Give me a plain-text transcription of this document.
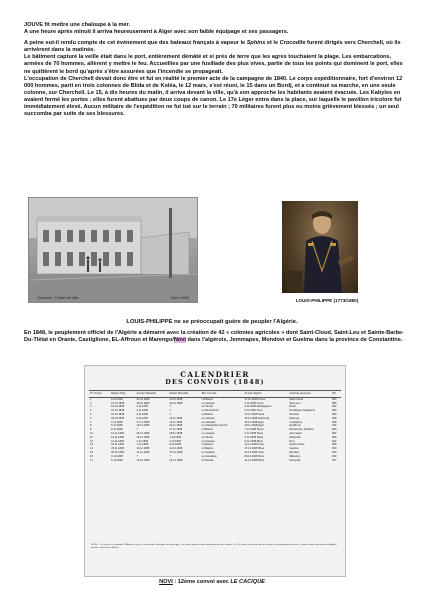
JOUVE fit mettre une chaloupe à la mer.
A une heure après minuit il arriva heureusement à Alger avec son faible équipage et ses passagers.
A peine eut-il rendu compte de cet événement que des bateaux français à vapeur le Sphinx et le Crocodile furent dirigés vers Cherchell, où ils arrivèrent dans la matinée.
Le bâtiment capturé la veille était dans le port, entièrement démâté et si près de terre que les agres touchaient la plage. Les embarcations, armées de 70 hommes, allèrent y mettre le feu. Accueillies par une fusillade des plus vives, partie de tous les points qui dominent le port, elles ne quittèrent le bord qu'après s'être assurées que l'incendie se propageait.
L'occupation de Cherchell devait donc être et fut en réalité le premier acte de la campagne de 1840. Le corps expéditionnaire, fort d'environ 12 000 hommes, parti en trois colonnes de Blida et de Koléa, le 12 mars, s'est réuni, le 15 dans un Bordj, et a continué sa marche, en une seule colonne, sur Cherchell. Le 15, à dix heures du matin, il arriva devant la ville, qu'à son approche les habitants avaient évacuée. Les Kabyles en avaient fermé les portes ; elles furent abattues par deux coups de canon. Le 17e Léger entra dans la place, sur laquelle le pavillon tricolore fut immédiatement élevé. Aucun militaire de l'expédition ne fut tué sur le terrain ; 70 militaires furent plus ou moins grièvement blessés ; un seul succomba par suite de ses blessures.
Cherchell - L'Hôtel de Ville -	(Vers 1900)	LOUIS-PHILIPPE (1773/1850)
LOUIS-PHILIPPE ne se préoccupait guère de peupler l'Algérie.
En 1848, le peuplement officiel de l'Algérie a démarré avec la création de 42 « colonies agricoles » dont Saint-Cloud, Saint-Leu et Sainte-Barbe-Du-Tlélat en Oranie, Castiglione, EL-Affroun et Marengo/Novi dans l'algérois, Jemmapes, Mondovi et Guelma dans la province de Constantine.
CALENDRIER
DES CONVOIS (1848)
N° Convoi	Départ Paris	Arrivée Marseille	Départ Marseille	Bat. Convoie	Arrivée Algérie	Colonies pourvues	Eff.
1	8.10.1848	21.10.1848	22.10.1848	L'Albatros	27.10.1848 Arzew	Saint-Cloud	853
2	15.10.1848	28.10.1848	30.10.1848	Le Cacique	2.11.1848 Arzew	Saint-Leu	855
3	19.10.1848	2.11.1848	?	Le Pluvier	3.11.1848 Mostaganem	Rivoli	822
4	22.10.1848	4.11.1848	?	Le Montezuma	9.11.1848 Oran	St-Affrique Castiglione	830
5	26.10.1848	9.11.1848	?	L'Albatros	13.11.1848 Stora	Mondovi	826
6	29.10.1848	9.11.1848	13.11.1848	Le Cacique	16.11.1848 Sidi-Fredj	Marengo	838
7	2.11.1848	17.11.1848	21.11.1848	Le Labrador	26.11.1848 Alger	Castiglione	868
8	5.11.1848	19.11.1848	24.11.1848	Le Christophe Colomb	28.11.1848 Alger	El-Affroun	816
9	9.11.1848	?	27.11.1848	L'Albatros	1.12.1848 Tenes	Montenotte, Ponteba	820
10	12.11.1848	26.11.1848	28.11.1848	Le Cacique	3.12.1848 Stora	Jemmapes	822
11	16.11.1848	29.11.1848	1.12.1848	Le Pluvier	5.12.1848 Stora	Héliopolis	806
12	19.11.1848	3.12.1848	4.12.1848	Le Cacique	8.12.1848 Bône	Novi	822
13	23.11.1848	7.12.1848	8.12.1848	L'Albatros	12.12.1848 Oran	Zurich Arzew	825
14	26.11.1848	10.12.1848	12.12.1848	L'Albatros	17.12.1848 Bône	Guelma	820
15	30.11.1848	14.12.1848	17.12.1848	Le Cacique	20.12.1848 Oran	Mondovi	815
16	3.12.1848	?	?	Le Caméléon	28.12.1848 Bône	Millesimo	839
17	6.12.1848	19.12.1848	24.12.1848	L'Infernale	31.12.1848 Bône	Heliopolis	567
NOTA. — Le convoi Le Labrador, L'Albatros n'a pas, à son arrivée, débarqué ses passagers ; ils furent conduits à leur destination par des voitures. Le 17e convoi, une partie de ses colons a été transportée par terre. Certains colons sont arrivés en Algérie par des convois non officiels.
NOVI : 12ème convoi avec LE CACIQUE
